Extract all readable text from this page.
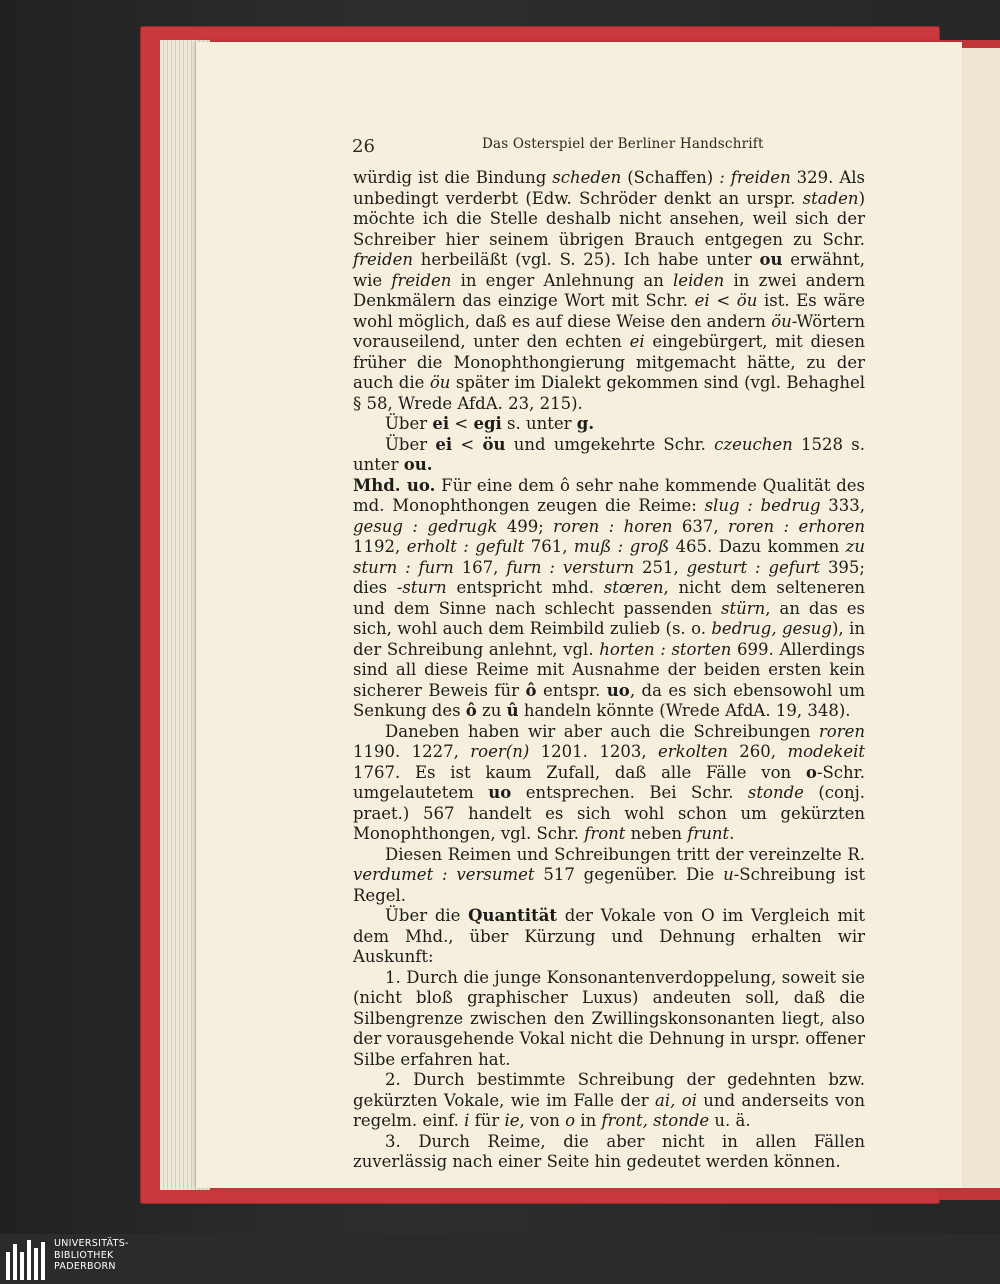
26	Das Osterspiel der Berliner Handschrift

würdig ist die Bindung scheden (Schaffen) : freiden 329. Als unbedingt verderbt (Edw. Schröder denkt an urspr. staden) möchte ich die Stelle deshalb nicht ansehen, weil sich der Schreiber hier seinem übrigen Brauch entgegen zu Schr. freiden herbeiläßt (vgl. S. 25). Ich habe unter ou erwähnt, wie freiden in enger Anlehnung an leiden in zwei andern Denkmälern das einzige Wort mit Schr. ei < öu ist. Es wäre wohl möglich, daß es auf diese Weise den andern öu-Wörtern vorauseilend, unter den echten ei eingebürgert, mit diesen früher die Monophthongierung mitgemacht hätte, zu der auch die öu später im Dialekt gekommen sind (vgl. Behaghel § 58, Wrede AfdA. 23, 215).

Über ei < egi s. unter g.

Über ei < öu und umgekehrte Schr. czeuchen 1528 s. unter ou.

Mhd. uo. Für eine dem ô sehr nahe kommende Qualität des md. Monophthongen zeugen die Reime: slug : bedrug 333, gesug : gedrugk 499; roren : horen 637, roren : erhoren 1192, erholt : gefult 761, muß : groß 465. Dazu kommen zu sturn : furn 167, furn : versturn 251, gesturt : gefurt 395; dies -sturn entspricht mhd. stœren, nicht dem selteneren und dem Sinne nach schlecht passenden stürn, an das es sich, wohl auch dem Reimbild zulieb (s. o. bedrug, gesug), in der Schreibung anlehnt, vgl. horten : storten 699. Allerdings sind all diese Reime mit Ausnahme der beiden ersten kein sicherer Beweis für ô entspr. uo, da es sich ebensowohl um Senkung des ô zu û handeln könnte (Wrede AfdA. 19, 348).

Daneben haben wir aber auch die Schreibungen roren 1190. 1227, roer(n) 1201. 1203, erkolten 260, modekeit 1767. Es ist kaum Zufall, daß alle Fälle von o-Schr. umgelautetem uo entsprechen. Bei Schr. stonde (conj. praet.) 567 handelt es sich wohl schon um gekürzten Monophthongen, vgl. Schr. front neben frunt.

Diesen Reimen und Schreibungen tritt der vereinzelte R. verdumet : versumet 517 gegenüber. Die u-Schreibung ist Regel.

Über die Quantität der Vokale von O im Vergleich mit dem Mhd., über Kürzung und Dehnung erhalten wir Auskunft:

1. Durch die junge Konsonantenverdoppelung, soweit sie (nicht bloß graphischer Luxus) andeuten soll, daß die Silbengrenze zwischen den Zwillingskonsonanten liegt, also der vorausgehende Vokal nicht die Dehnung in urspr. offener Silbe erfahren hat.

2. Durch bestimmte Schreibung der gedehnten bzw. gekürzten Vokale, wie im Falle der ai, oi und anderseits von regelm. einf. i für ie, von o in front, stonde u. ä.

3. Durch Reime, die aber nicht in allen Fällen zuverlässig nach einer Seite hin gedeutet werden können.

UNIVERSITÄTS-
BIBLIOTHEK
PADERBORN
